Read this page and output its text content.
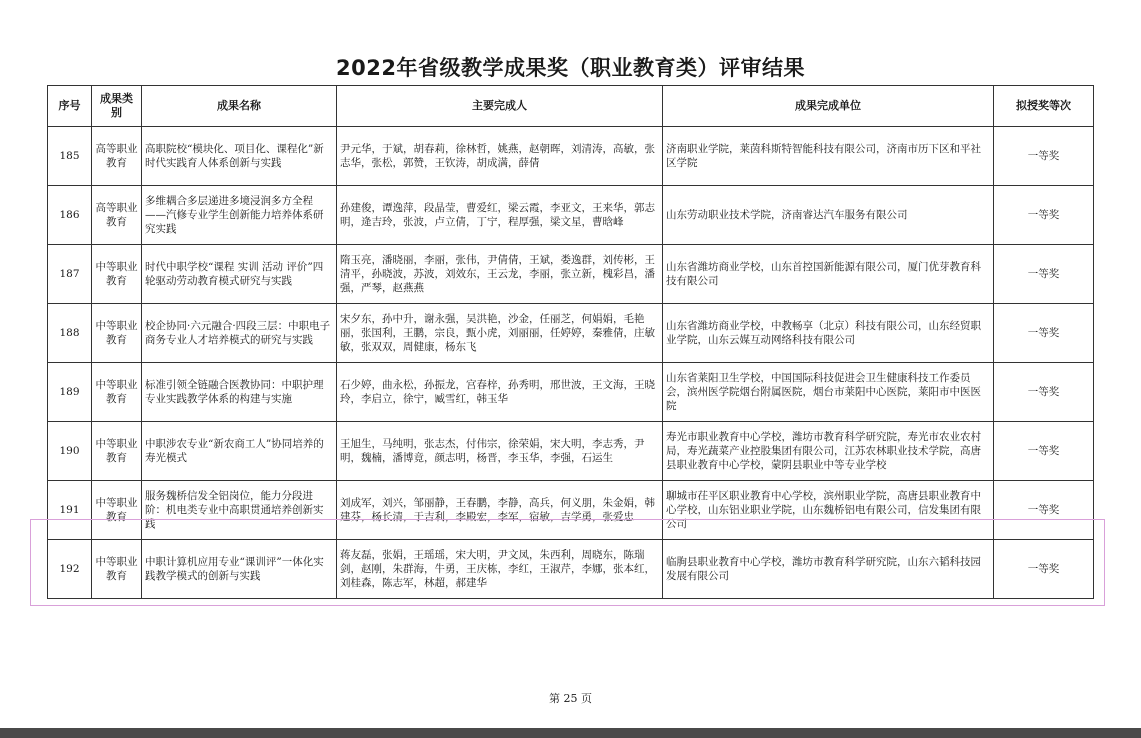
2022年省级教学成果奖（职业教育类）评审结果
序号	成果类别	成果名称	主要完成人	成果完成单位	拟授奖等次
185	高等职业教育	高职院校“模块化、项目化、课程化”新时代实践育人体系创新与实践	尹元华，于斌，胡春莉，徐林哲，姚燕，赵朝晖，刘清涛，高敏，张志华，张松，郭赞，王钦涛，胡成满，薛倩	济南职业学院，莱茵科斯特智能科技有限公司，济南市历下区和平社区学院	一等奖
186	高等职业教育	多维耦合多层递进多境浸润多方全程——汽修专业学生创新能力培养体系研究实践	孙建俊，谭逸萍，段晶莹，曹爱红，梁云霞，李亚文，王来华，郭志明，逄吉玲，张波，卢立倩，丁宁，程厚强，梁文星，曹晗峰	山东劳动职业技术学院，济南睿达汽车服务有限公司	一等奖
187	中等职业教育	时代中职学校“课程 实训 活动 评价”四轮驱动劳动教育模式研究与实践	隋玉亮，潘晓丽，李丽，张伟，尹倩倩，王斌，娄逸群，刘传彬，王清平，孙晓波，苏波，刘效东，王云龙，李丽，张立新，槐彩昌，潘强，严琴，赵燕燕	山东省潍坊商业学校，山东首控国新能源有限公司，厦门优芽教育科技有限公司	一等奖
188	中等职业教育	校企协同·六元融合·四段三层：中职电子商务专业人才培养模式的研究与实践	宋夕东，孙中升，谢永强，吴洪艳，沙金，任丽芝，何娟娟，毛艳丽，张国利，王鹏，宗良，甄小虎，刘丽丽，任婷婷，秦雅倩，庄敏敏，张双双，周健康，杨东飞	山东省潍坊商业学校，中教畅享（北京）科技有限公司，山东经贸职业学院，山东云媒互动网络科技有限公司	一等奖
189	中等职业教育	标准引领全链融合医教协同：中职护理专业实践教学体系的构建与实施	石少婷，曲永松，孙振龙，宫春梓，孙秀明，邢世波，王文海，王晓玲，李启立，徐宁，臧雪红，韩玉华	山东省莱阳卫生学校，中国国际科技促进会卫生健康科技工作委员会，滨州医学院烟台附属医院，烟台市莱阳中心医院，莱阳市中医医院	一等奖
190	中等职业教育	中职涉农专业“新农商工人”协同培养的寿光模式	王旭生，马纯明，张志杰，付伟宗，徐荣娟，宋大明，李志秀，尹明，魏楠，潘博竟，颜志明，杨晋，李玉华，李强，石运生	寿光市职业教育中心学校，潍坊市教育科学研究院，寿光市农业农村局，寿光蔬菜产业控股集团有限公司，江苏农林职业技术学院，高唐县职业教育中心学校，蒙阴县职业中等专业学校	一等奖
191	中等职业教育	服务魏桥信发全铝岗位，能力分段进阶：机电类专业中高职贯通培养创新实践	刘成军，刘兴，邹丽静，王春鹏，李静，高兵，何义朋，朱金娟，韩建芬，杨长清，于吉利，李殿宏，李军，宿敏，吉学勇，张爱忠	聊城市茌平区职业教育中心学校，滨州职业学院，高唐县职业教育中心学校，山东铝业职业学院，山东魏桥铝电有限公司，信发集团有限公司	一等奖
192	中等职业教育	中职计算机应用专业“课训评”一体化实践教学模式的创新与实践	蒋友磊，张娟，王瑶瑶，宋大明，尹文凤，朱西利，周晓东，陈瑞剑，赵刚，朱群海，牛勇，王庆栋，李红，王淑芹，李娜，张本红，刘桂森，陈志军，林超，郝建华	临朐县职业教育中心学校，潍坊市教育科学研究院，山东六韬科技园发展有限公司	一等奖
第 25 页
